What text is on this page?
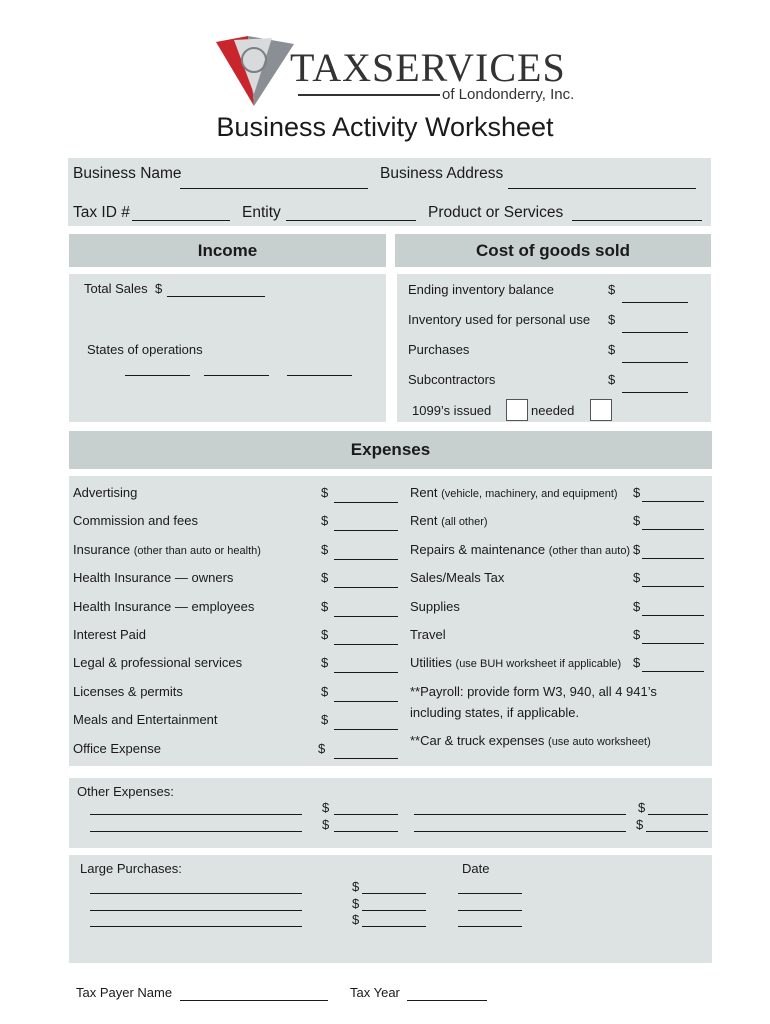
TAXSERVICES
of Londonderry, Inc.
Business Activity Worksheet
Business Name	Business Address
Tax ID #	Entity	Product or Services
Income
Total Sales $
States of operations
Cost of goods sold
Ending inventory balance	$
Inventory used for personal use $
Purchases	$
Subcontractors	$
1099’s issued	needed
Expenses
Advertising	$
Commission and fees	$
Insurance (other than auto or health)	$
Health Insurance — owners	$
Health Insurance — employees	$
Interest Paid	$
Legal & professional services	$
Licenses & permits	$
Meals and Entertainment	$
Office Expense	$
Rent (vehicle, machinery, and equipment) $
Rent (all other)	$
Repairs & maintenance (other than auto) $
Sales/Meals Tax	$
Supplies	$
Travel	$
Utilities (use BUH worksheet if applicable) $
**Payroll: provide form W3, 940, all 4 941’s
including states, if applicable.
**Car & truck expenses (use auto worksheet)
Other Expenses:
$
$
$
$
Large Purchases:	Date
$
$
$
Tax Payer Name	Tax Year
